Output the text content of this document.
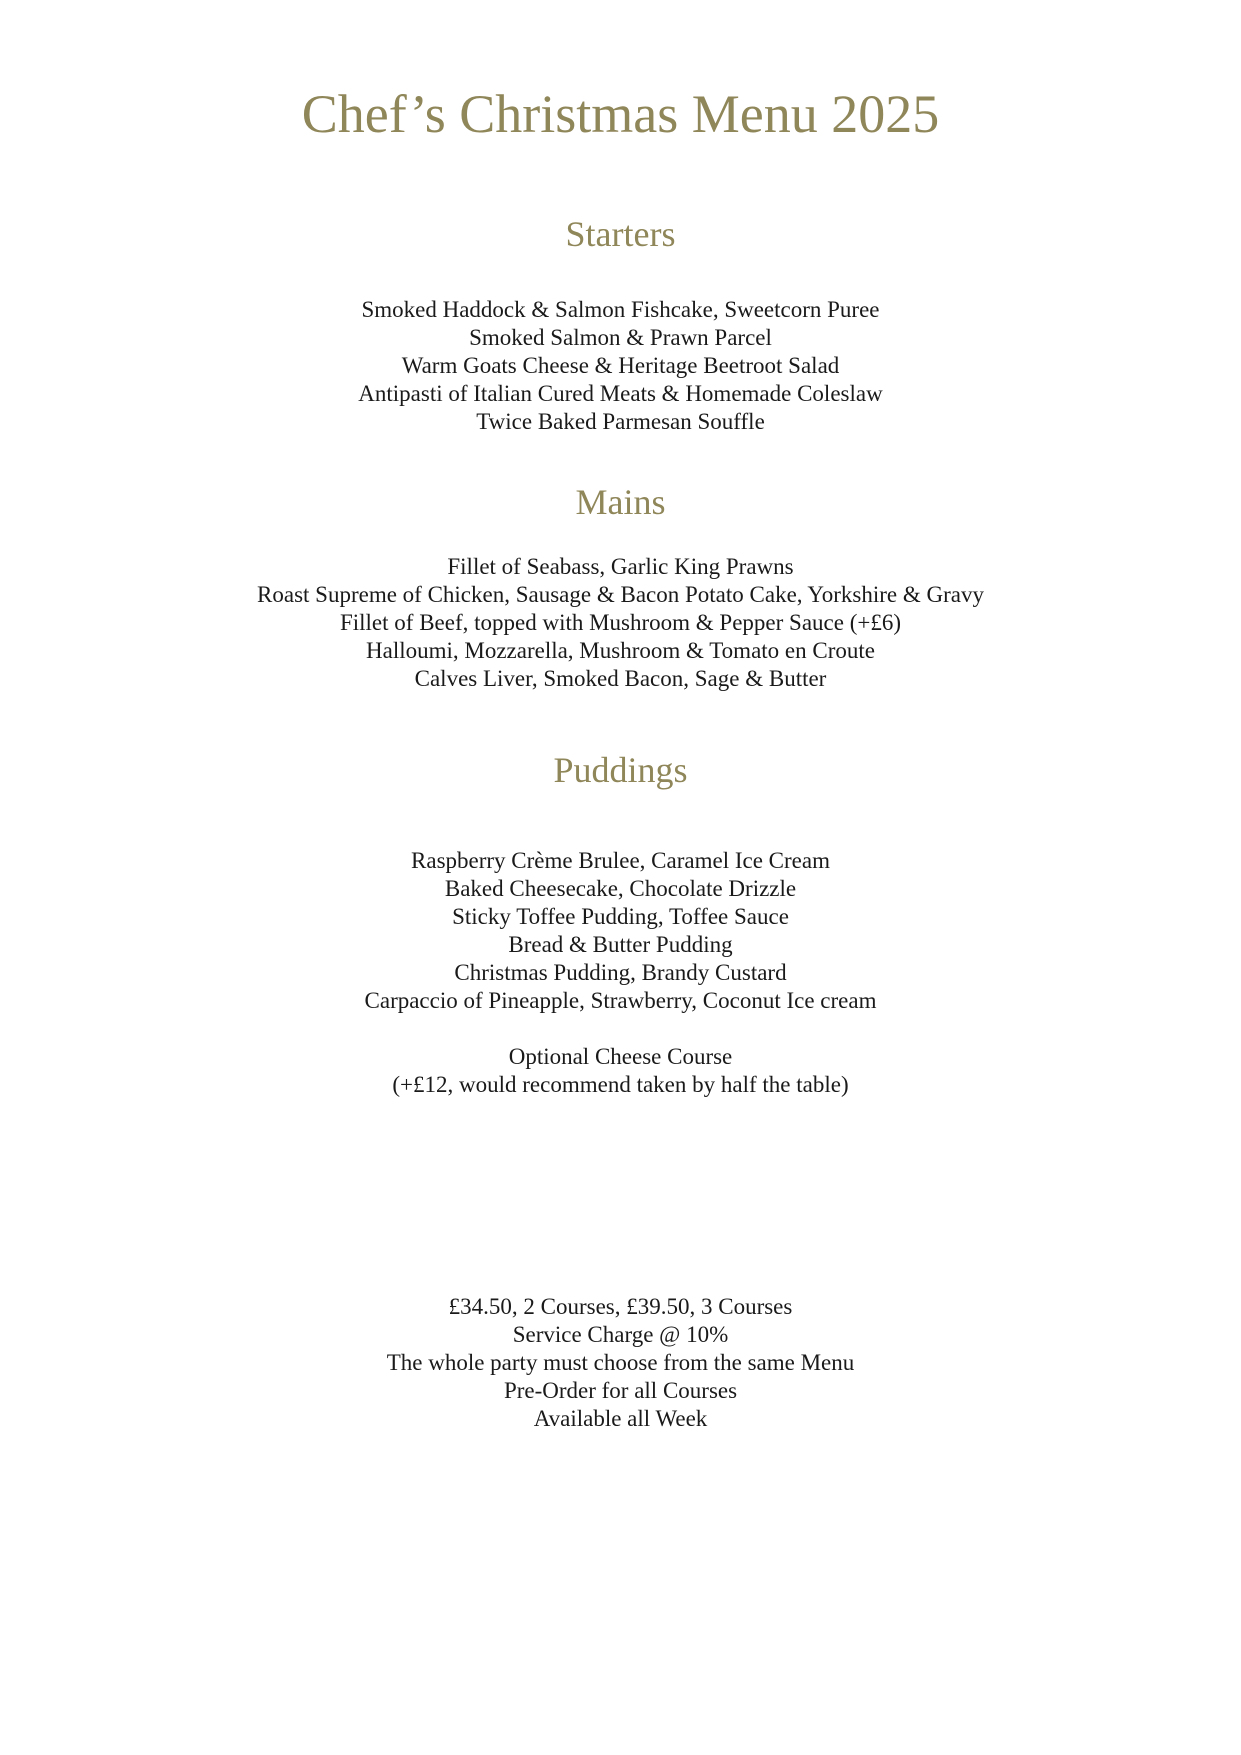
Chef’s Christmas Menu 2025
Starters
Smoked Haddock & Salmon Fishcake, Sweetcorn Puree
Smoked Salmon & Prawn Parcel
Warm Goats Cheese & Heritage Beetroot Salad
Antipasti of Italian Cured Meats & Homemade Coleslaw
Twice Baked Parmesan Souffle
Mains
Fillet of Seabass, Garlic King Prawns
Roast Supreme of Chicken, Sausage & Bacon Potato Cake, Yorkshire & Gravy
Fillet of Beef, topped with Mushroom & Pepper Sauce (+£6)
Halloumi, Mozzarella, Mushroom & Tomato en Croute
Calves Liver, Smoked Bacon, Sage & Butter
Puddings
Raspberry Crème Brulee, Caramel Ice Cream
Baked Cheesecake, Chocolate Drizzle
Sticky Toffee Pudding, Toffee Sauce
Bread & Butter Pudding
Christmas Pudding, Brandy Custard
Carpaccio of Pineapple, Strawberry, Coconut Ice cream
Optional Cheese Course
(+£12, would recommend taken by half the table)
£34.50, 2 Courses, £39.50, 3 Courses
Service Charge @ 10%
The whole party must choose from the same Menu
Pre-Order for all Courses
Available all Week
